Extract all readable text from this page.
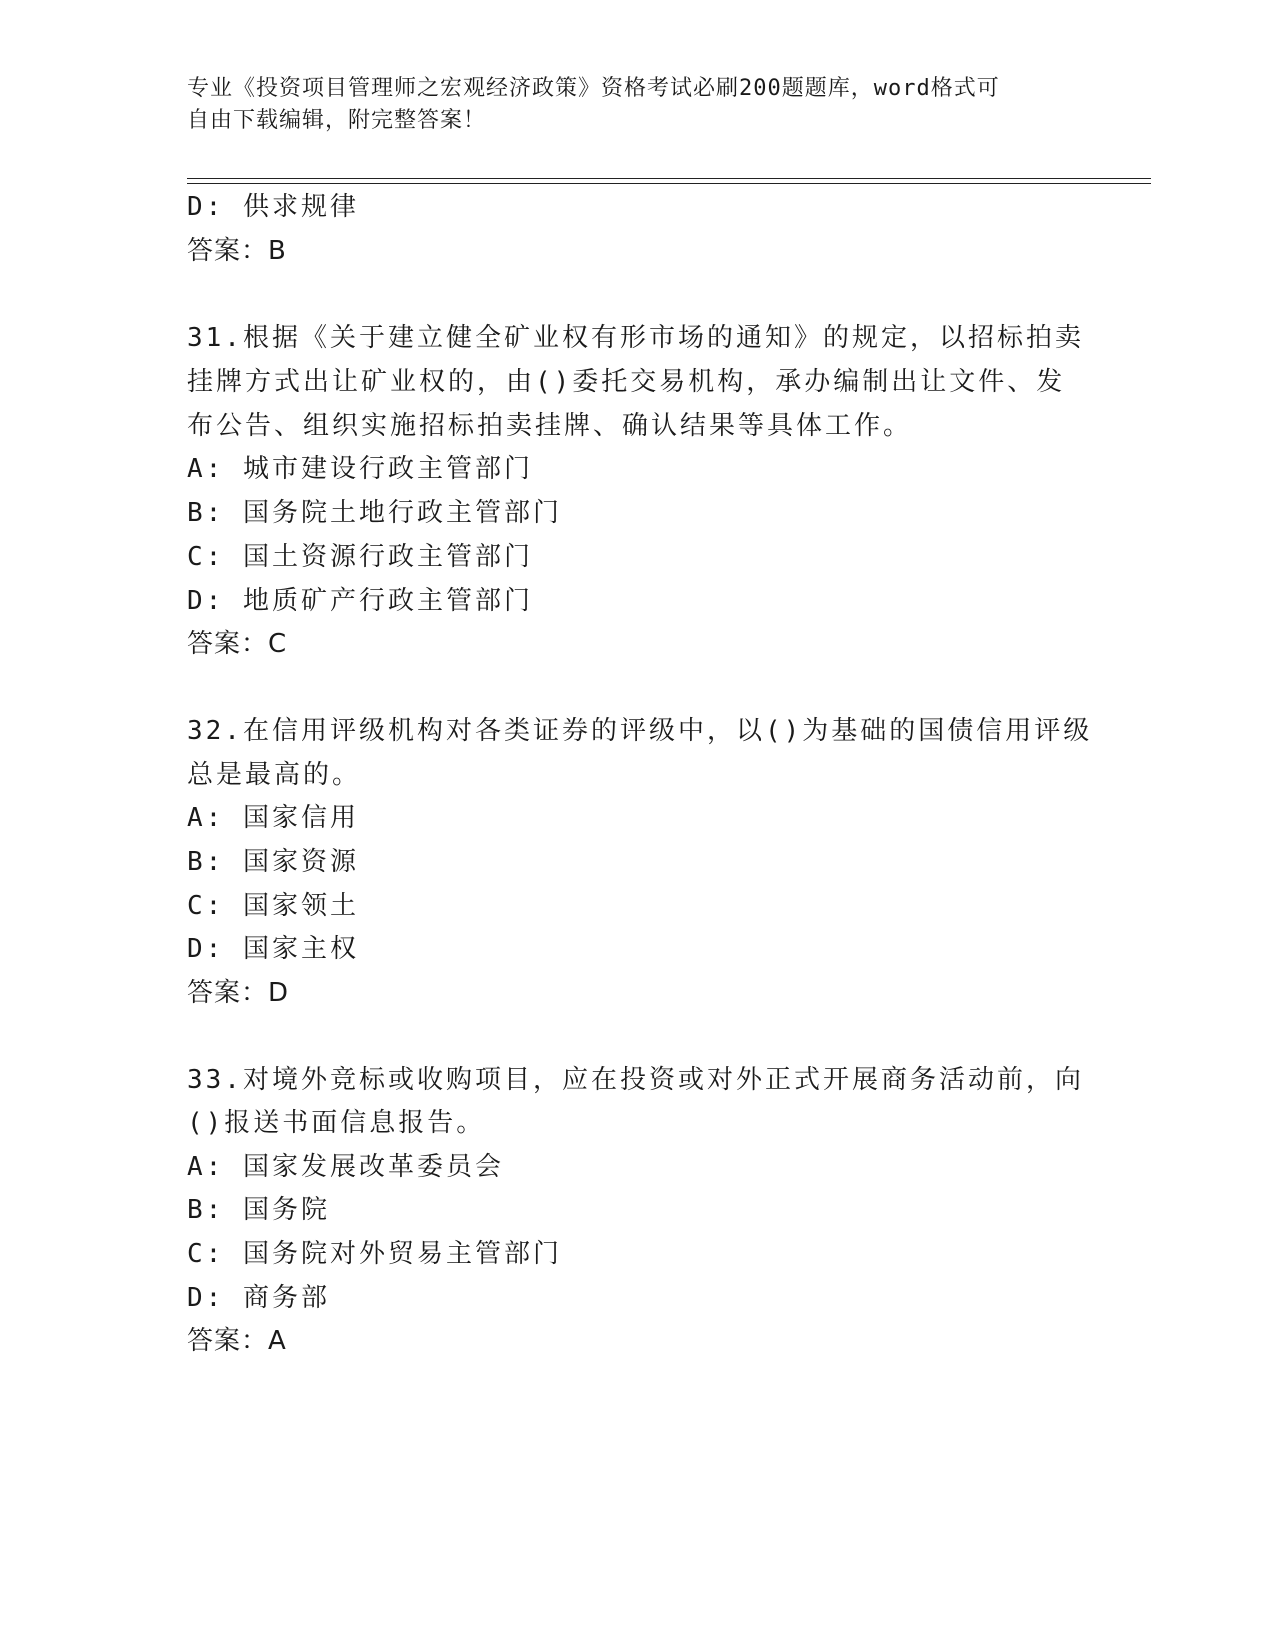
专业《投资项目管理师之宏观经济政策》资格考试必刷200题题库，word格式可
自由下载编辑，附完整答案！
D: 供求规律
答案：B
31.根据《关于建立健全矿业权有形市场的通知》的规定，以招标拍卖
挂牌方式出让矿业权的，由()委托交易机构，承办编制出让文件、发
布公告、组织实施招标拍卖挂牌、确认结果等具体工作。
A: 城市建设行政主管部门
B: 国务院土地行政主管部门
C: 国土资源行政主管部门
D: 地质矿产行政主管部门
答案：C
32.在信用评级机构对各类证券的评级中，以()为基础的国债信用评级
总是最高的。
A: 国家信用
B: 国家资源
C: 国家领土
D: 国家主权
答案：D
33.对境外竞标或收购项目，应在投资或对外正式开展商务活动前，向
()报送书面信息报告。
A: 国家发展改革委员会
B: 国务院
C: 国务院对外贸易主管部门
D: 商务部
答案：A
